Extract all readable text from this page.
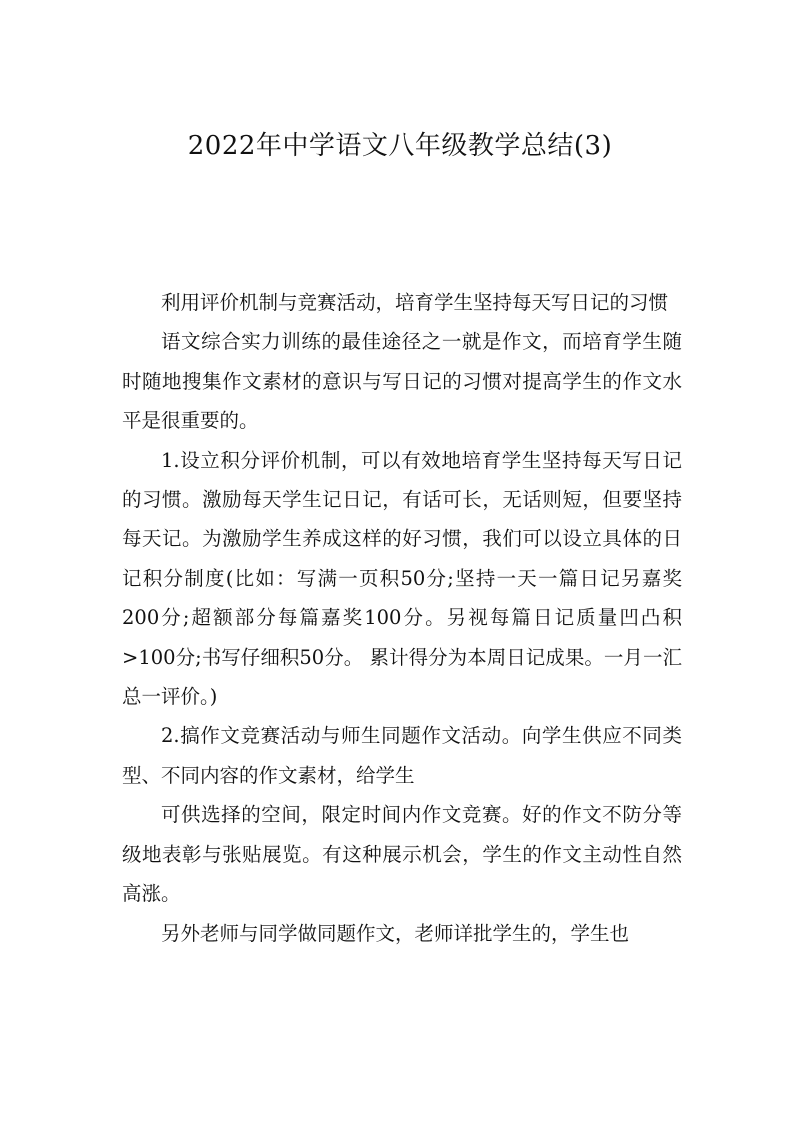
2022年中学语文八年级教学总结(3)

利用评价机制与竞赛活动，培育学生坚持每天写日记的习惯

语文综合实力训练的最佳途径之一就是作文，而培育学生随时随地搜集作文素材的意识与写日记的习惯对提高学生的作文水平是很重要的。

1.设立积分评价机制，可以有效地培育学生坚持每天写日记的习惯。激励每天学生记日记，有话可长，无话则短，但要坚持每天记。为激励学生养成这样的好习惯，我们可以设立具体的日记积分制度(比如：写满一页积50分;坚持一天一篇日记另嘉奖200分;超额部分每篇嘉奖100分。另视每篇日记质量凹凸积>100分;书写仔细积50分。 累计得分为本周日记成果。一月一汇总一评价。)

2.搞作文竞赛活动与师生同题作文活动。向学生供应不同类型、不同内容的作文素材，给学生

可供选择的空间，限定时间内作文竞赛。好的作文不防分等级地表彰与张贴展览。有这种展示机会，学生的作文主动性自然高涨。

另外老师与同学做同题作文，老师详批学生的，学生也
